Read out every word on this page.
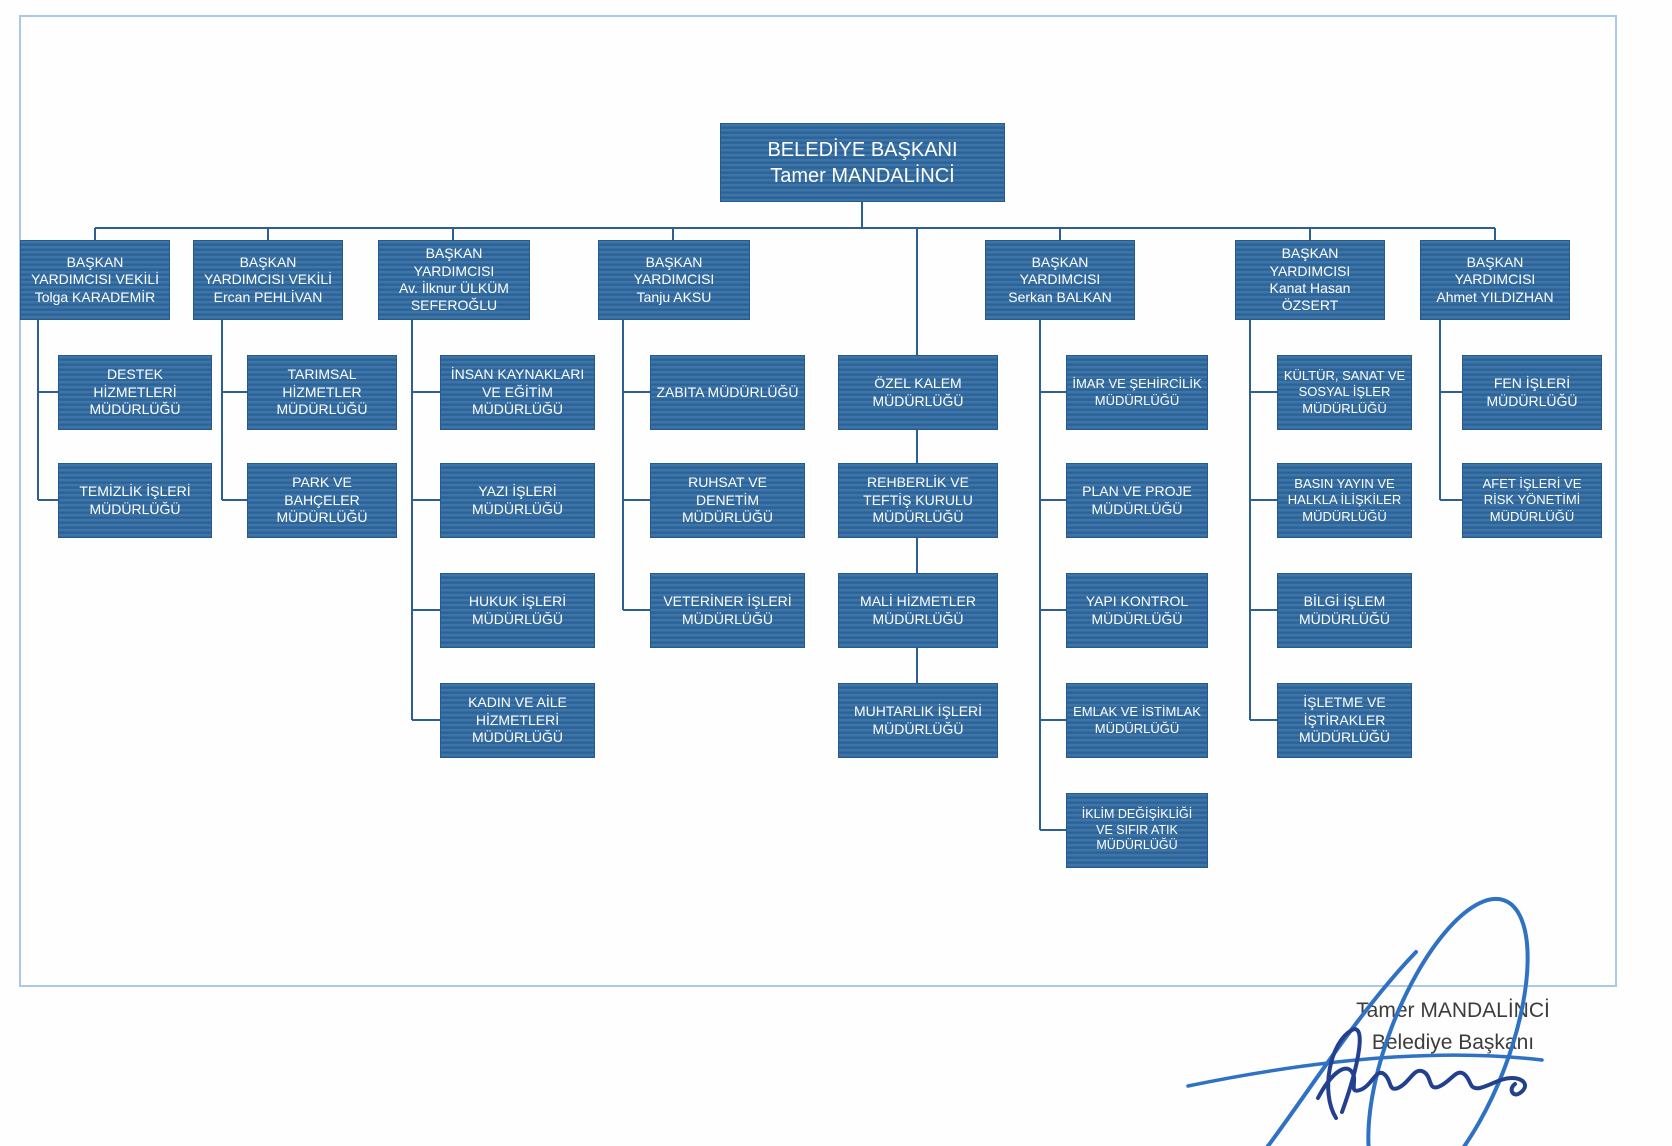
BELEDİYE BAŞKANI
Tamer MANDALİNCİ
BAŞKAN YARDIMCISI VEKİLİ
Tolga KARADEMİR
BAŞKAN YARDIMCISI VEKİLİ
Ercan PEHLİVAN
BAŞKAN YARDIMCISI
Av. İlknur ÜLKÜM SEFEROĞLU
BAŞKAN YARDIMCISI
Tanju AKSU
BAŞKAN YARDIMCISI
Serkan BALKAN
BAŞKAN YARDIMCISI
Kanat Hasan ÖZSERT
BAŞKAN YARDIMCISI
Ahmet YILDIZHAN
DESTEK HİZMETLERİ MÜDÜRLÜĞÜ
TEMİZLİK İŞLERİ MÜDÜRLÜĞÜ
TARIMSAL HİZMETLER MÜDÜRLÜĞÜ
PARK VE BAHÇELER MÜDÜRLÜĞÜ
İNSAN KAYNAKLARI VE EĞİTİM MÜDÜRLÜĞÜ
YAZI İŞLERİ MÜDÜRLÜĞÜ
HUKUK İŞLERİ MÜDÜRLÜĞÜ
KADIN VE AİLE HİZMETLERİ MÜDÜRLÜĞÜ
ZABITA MÜDÜRLÜĞÜ
RUHSAT VE DENETİM MÜDÜRLÜĞÜ
VETERİNER İŞLERİ MÜDÜRLÜĞÜ
ÖZEL KALEM MÜDÜRLÜĞÜ
REHBERLİK VE TEFTİŞ KURULU MÜDÜRLÜĞÜ
MALİ HİZMETLER MÜDÜRLÜĞÜ
MUHTARLIK İŞLERİ MÜDÜRLÜĞÜ
İMAR VE ŞEHİRCİLİK MÜDÜRLÜĞÜ
PLAN VE PROJE MÜDÜRLÜĞÜ
YAPI KONTROL MÜDÜRLÜĞÜ
EMLAK VE İSTİMLAK MÜDÜRLÜĞÜ
İKLİM DEĞİŞİKLİĞİ VE SIFIR ATIK MÜDÜRLÜĞÜ
KÜLTÜR, SANAT VE SOSYAL İŞLER MÜDÜRLÜĞÜ
BASIN YAYIN VE HALKLA İLİŞKİLER MÜDÜRLÜĞÜ
BİLGİ İŞLEM MÜDÜRLÜĞÜ
İŞLETME VE İŞTİRAKLER MÜDÜRLÜĞÜ
FEN İŞLERİ MÜDÜRLÜĞÜ
AFET İŞLERİ VE RİSK YÖNETİMİ MÜDÜRLÜĞÜ
Tamer MANDALİNCİ
Belediye Başkanı
